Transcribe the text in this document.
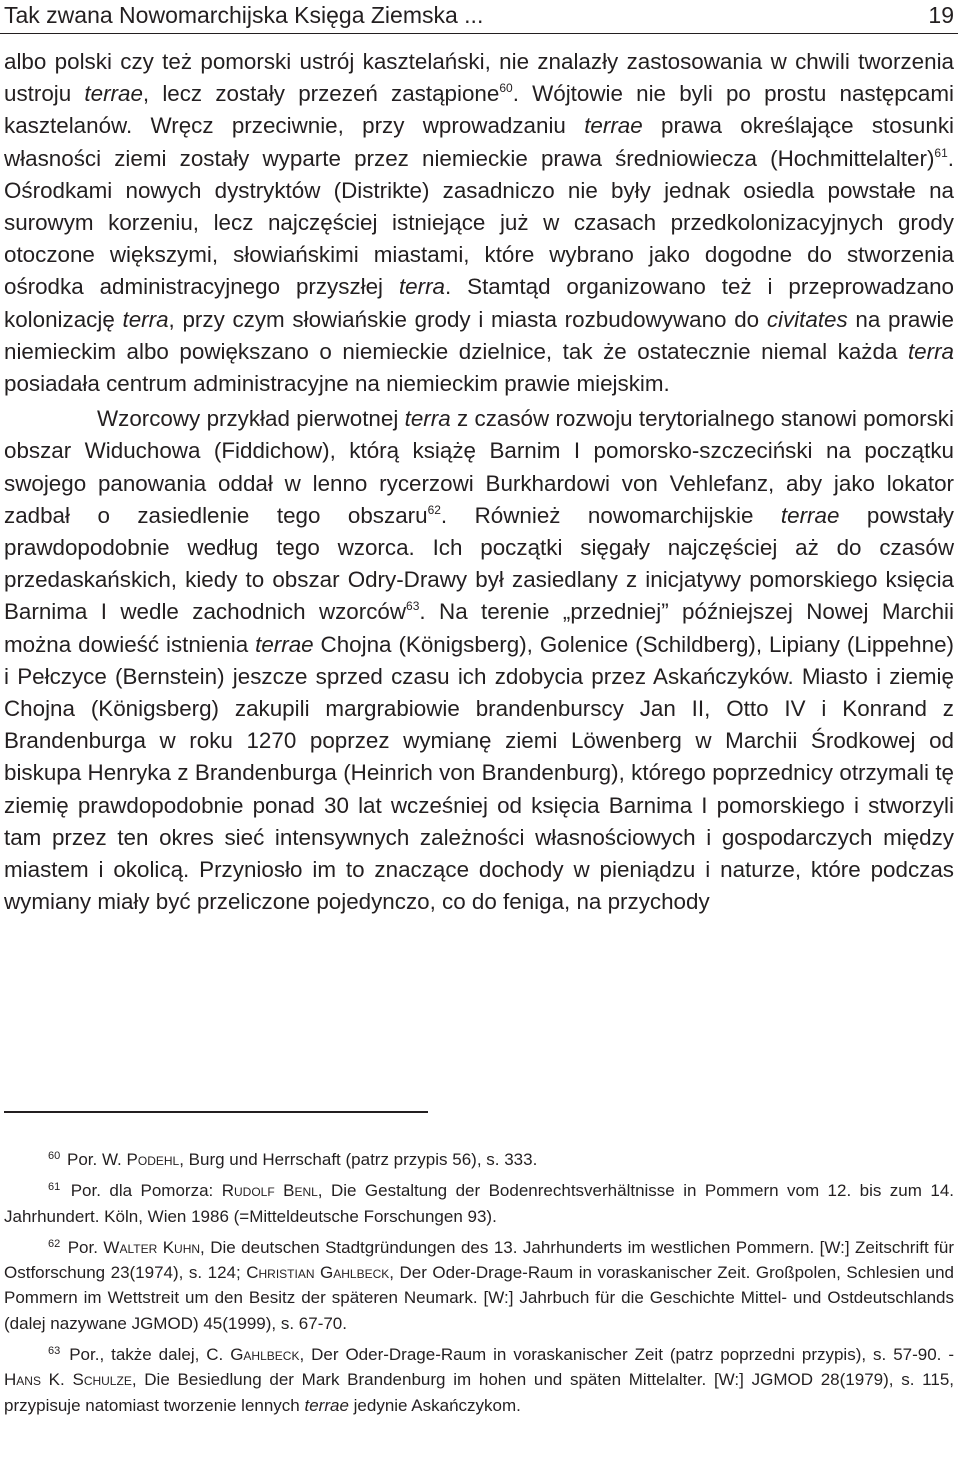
Tak zwana Nowomarchijska Księga Ziemska ...	19

albo polski czy też pomorski ustrój kasztelański, nie znalazły zastosowania w chwili tworzenia ustroju terrae, lecz zostały przezeń zastąpione$^{60}$. Wójtowie nie byli po prostu następcami kasztelanów. Wręcz przeciwnie, przy wprowadzaniu terrae prawa określające stosunki własności ziemi zostały wyparte przez niemieckie prawa średniowiecza (Hochmittelalter)$^{61}$. Ośrodkami nowych dystryktów (Distrikte) zasadniczo nie były jednak osiedla powstałe na surowym korzeniu, lecz najczęściej istniejące już w czasach przedkolonizacyjnych grody otoczone większymi, słowiańskimi miastami, które wybrano jako dogodne do stworzenia ośrodka administracyjnego przyszłej terra. Stamtąd organizowano też i przeprowadzano kolonizację terra, przy czym słowiańskie grody i miasta rozbudowywano do civitates na prawie niemieckim albo powiększano o niemieckie dzielnice, tak że ostatecznie niemal każda terra posiadała centrum administracyjne na niemieckim prawie miejskim.

Wzorcowy przykład pierwotnej terra z czasów rozwoju terytorialnego stanowi pomorski obszar Widuchowa (Fiddichow), którą książę Barnim I pomorsko-szczeciński na początku swojego panowania oddał w lenno rycerzowi Burkhardowi von Vehlefanz, aby jako lokator zadbał o zasiedlenie tego obszaru$^{62}$. Również nowomarchijskie terrae powstały prawdopodobnie według tego wzorca. Ich początki sięgały najczęściej aż do czasów przedaskańskich, kiedy to obszar Odry-Drawy był zasiedlany z inicjatywy pomorskiego księcia Barnima I wedle zachodnich wzorców$^{63}$. Na terenie „przedniej” późniejszej Nowej Marchii można dowieść istnienia terrae Chojna (Königsberg), Golenice (Schildberg), Lipiany (Lippehne) i Pełczyce (Bernstein) jeszcze sprzed czasu ich zdobycia przez Askańczyków. Miasto i ziemię Chojna (Königsberg) zakupili margrabiowie brandenburscy Jan II, Otto IV i Konrand z Brandenburga w roku 1270 poprzez wymianę ziemi Löwenberg w Marchii Środkowej od biskupa Henryka z Brandenburga (Heinrich von Brandenburg), którego poprzednicy otrzymali tę ziemię prawdopodobnie ponad 30 lat wcześniej od księcia Barnima I pomorskiego i stworzyli tam przez ten okres sieć intensywnych zależności własnościowych i gospodarczych między miastem i okolicą. Przyniosło im to znaczące dochody w pieniądzu i naturze, które podczas wymiany miały być przeliczone pojedynczo, co do feniga, na przychody

$^{60}$ Por. W. Podehl, Burg und Herrschaft (patrz przypis 56), s. 333.

$^{61}$ Por. dla Pomorza: Rudolf Benl, Die Gestaltung der Bodenrechtsverhältnisse in Pommern vom 12. bis zum 14. Jahrhundert. Köln, Wien 1986 (=Mitteldeutsche Forschungen 93).

$^{62}$ Por. Walter Kuhn, Die deutschen Stadtgründungen des 13. Jahrhunderts im westlichen Pommern. [W:] Zeitschrift für Ostforschung 23(1974), s. 124; Christian Gahlbeck, Der Oder-Drage-Raum in voraskanischer Zeit. Großpolen, Schlesien und Pommern im Wettstreit um den Besitz der späteren Neumark. [W:] Jahrbuch für die Geschichte Mittel- und Ostdeutschlands (dalej nazywane JGMOD) 45(1999), s. 67-70.

$^{63}$ Por., także dalej, C. Gahlbeck, Der Oder-Drage-Raum in voraskanischer Zeit (patrz poprzedni przypis), s. 57-90. - Hans K. Schulze, Die Besiedlung der Mark Brandenburg im hohen und späten Mittelalter. [W:] JGMOD 28(1979), s. 115, przypisuje natomiast tworzenie lennych terrae jedynie Askańczykom.
